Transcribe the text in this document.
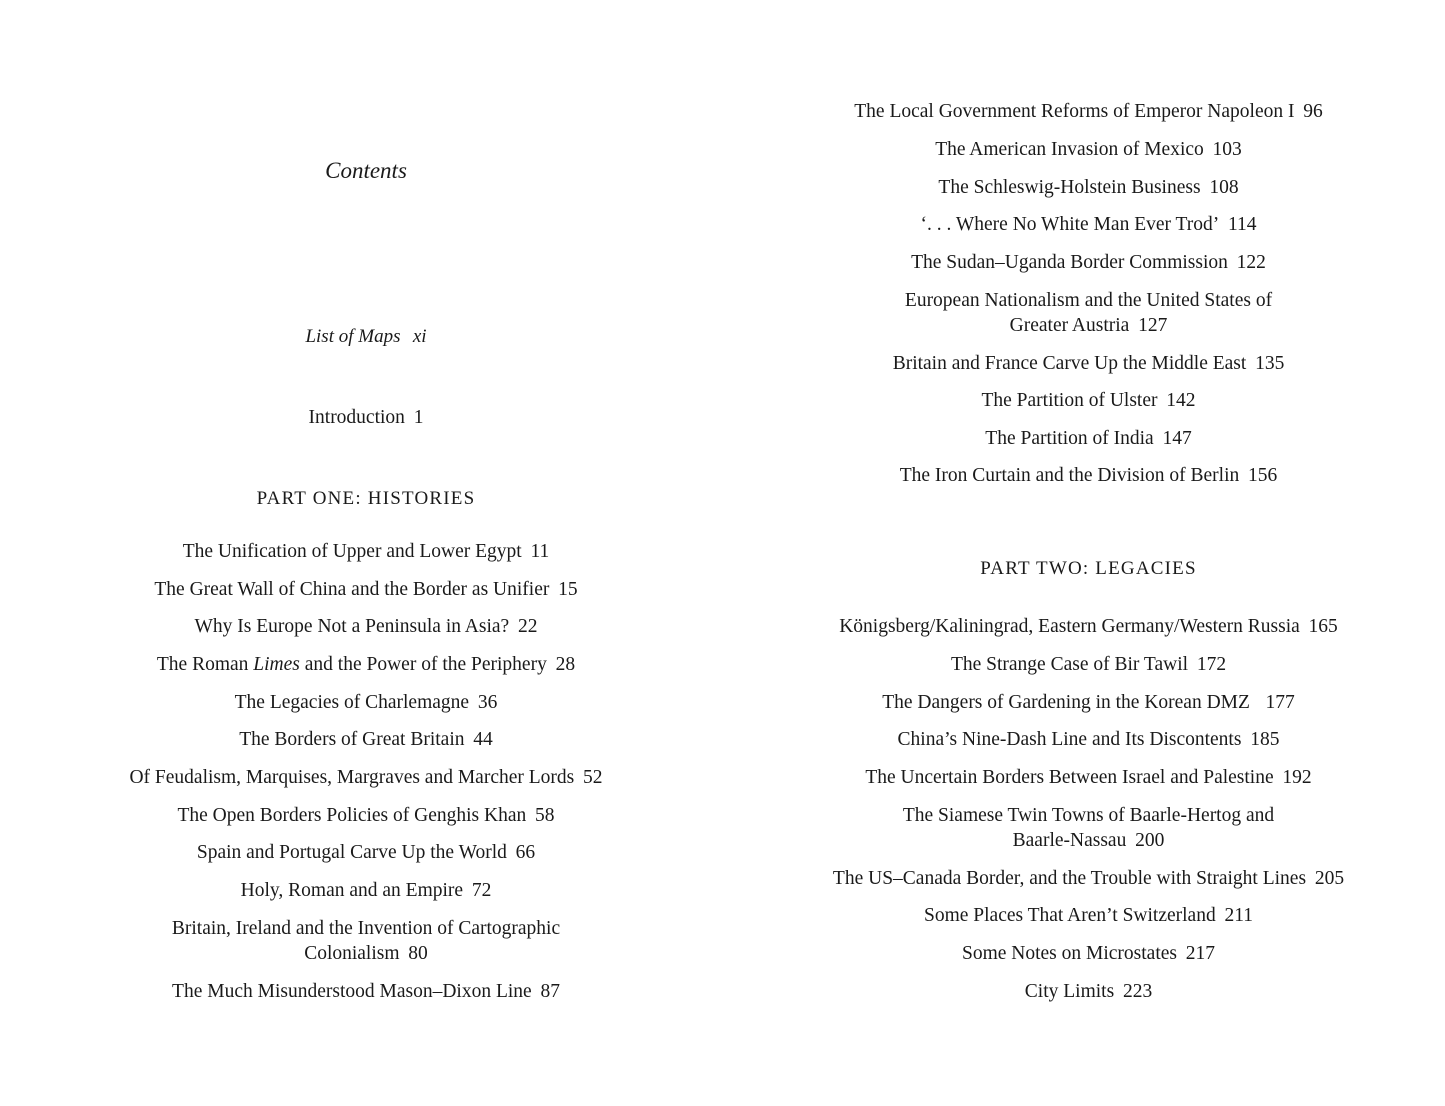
Contents
List of Maps xi
Introduction 1
PART ONE: HISTORIES
The Unification of Upper and Lower Egypt 11
The Great Wall of China and the Border as Unifier 15
Why Is Europe Not a Peninsula in Asia? 22
The Roman Limes and the Power of the Periphery 28
The Legacies of Charlemagne 36
The Borders of Great Britain 44
Of Feudalism, Marquises, Margraves and Marcher Lords 52
The Open Borders Policies of Genghis Khan 58
Spain and Portugal Carve Up the World 66
Holy, Roman and an Empire 72
Britain, Ireland and the Invention of Cartographic
Colonialism 80
The Much Misunderstood Mason–Dixon Line 87
The Local Government Reforms of Emperor Napoleon I 96
The American Invasion of Mexico 103
The Schleswig-Holstein Business 108
‘. . . Where No White Man Ever Trod’ 114
The Sudan–Uganda Border Commission 122
European Nationalism and the United States of
Greater Austria 127
Britain and France Carve Up the Middle East 135
The Partition of Ulster 142
The Partition of India 147
The Iron Curtain and the Division of Berlin 156
PART TWO: LEGACIES
Königsberg/Kaliningrad, Eastern Germany/Western Russia 165
The Strange Case of Bir Tawil 172
The Dangers of Gardening in the Korean DMZ 177
China’s Nine-Dash Line and Its Discontents 185
The Uncertain Borders Between Israel and Palestine 192
The Siamese Twin Towns of Baarle-Hertog and
Baarle-Nassau 200
The US–Canada Border, and the Trouble with Straight Lines 205
Some Places That Aren’t Switzerland 211
Some Notes on Microstates 217
City Limits 223
